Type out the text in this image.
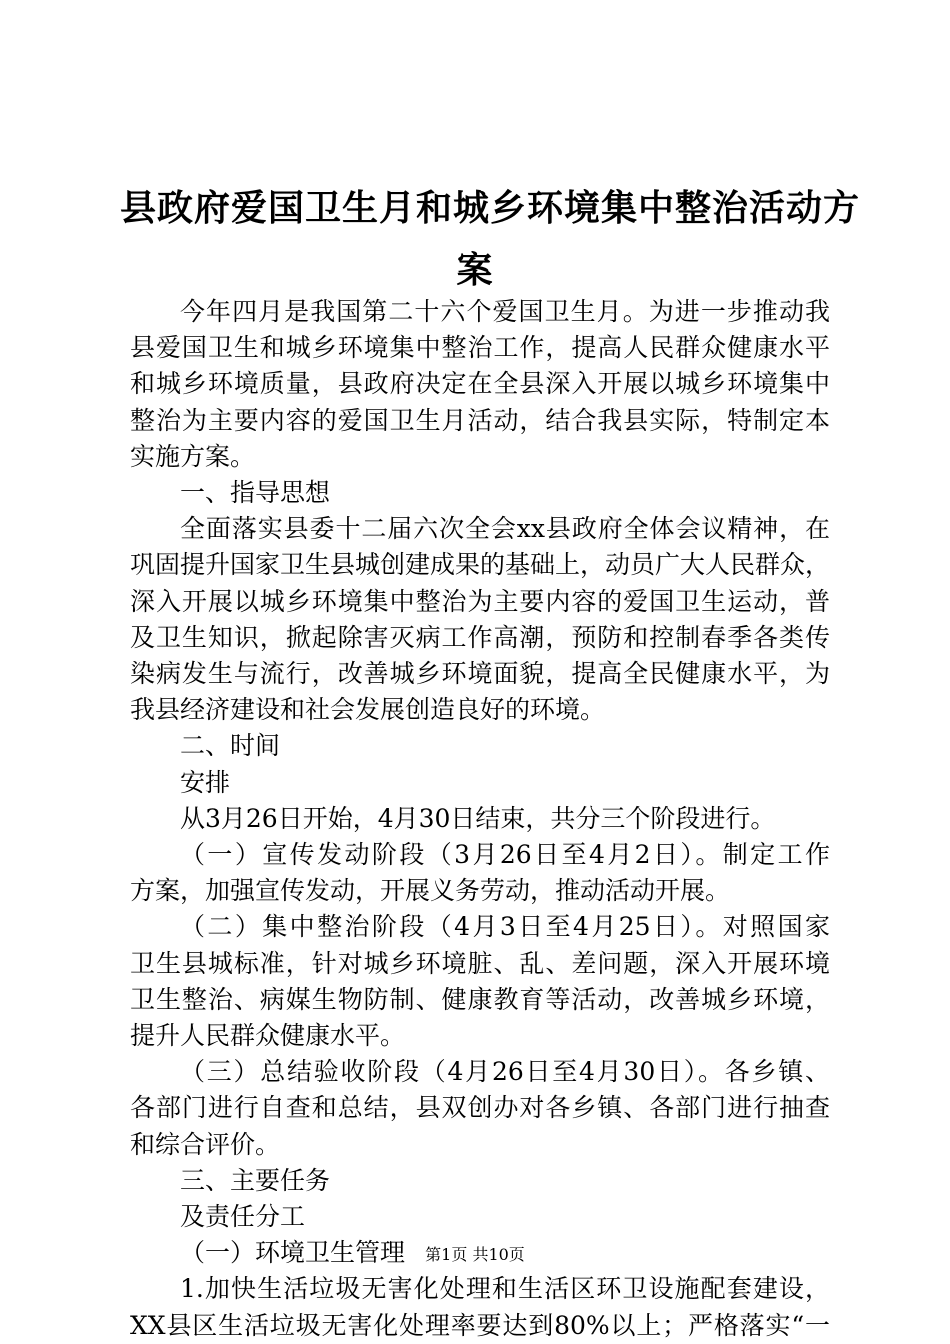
县政府爱国卫生月和城乡环境集中整治活动方
案
今年四月是我国第二十六个爱国卫生月。为进一步推动我
县爱国卫生和城乡环境集中整治工作，提高人民群众健康水平
和城乡环境质量，县政府决定在全县深入开展以城乡环境集中
整治为主要内容的爱国卫生月活动，结合我县实际，特制定本
实施方案。
一、指导思想
全面落实县委十二届六次全会xx县政府全体会议精神，在
巩固提升国家卫生县城创建成果的基础上，动员广大人民群众，
深入开展以城乡环境集中整治为主要内容的爱国卫生运动，普
及卫生知识，掀起除害灭病工作高潮，预防和控制春季各类传
染病发生与流行，改善城乡环境面貌，提高全民健康水平，为
我县经济建设和社会发展创造良好的环境。
二、时间
安排
从3月26日开始，4月30日结束，共分三个阶段进行。
（一）宣传发动阶段（3月26日至4月2日）。制定工作
方案，加强宣传发动，开展义务劳动，推动活动开展。
（二）集中整治阶段（4月3日至4月25日）。对照国家
卫生县城标准，针对城乡环境脏、乱、差问题，深入开展环境
卫生整治、病媒生物防制、健康教育等活动，改善城乡环境，
提升人民群众健康水平。
（三）总结验收阶段（4月26日至4月30日）。各乡镇、
各部门进行自查和总结，县双创办对各乡镇、各部门进行抽查
和综合评价。
三、主要任务
及责任分工
（一）环境卫生管理
1.加快生活垃圾无害化处理和生活区环卫设施配套建设，
XX县区生活垃圾无害化处理率要达到80%以上；严格落实“一
第1页 共10页
